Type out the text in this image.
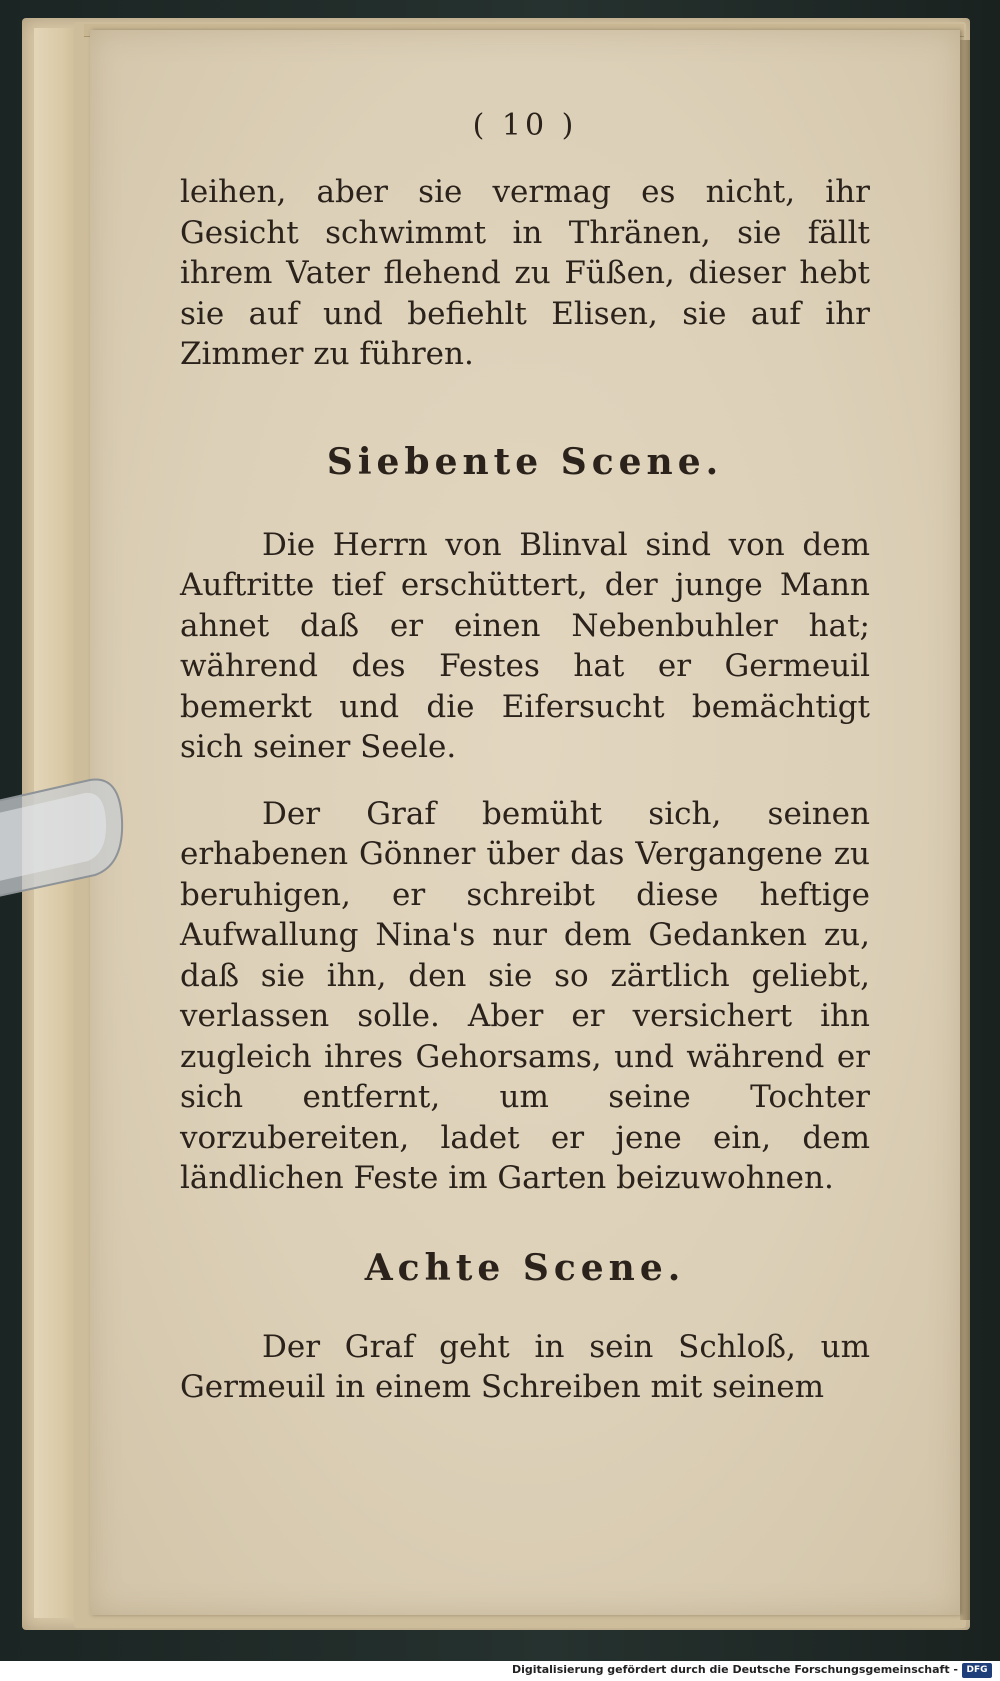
( 10 )

leihen, aber sie vermag es nicht, ihr Gesicht schwimmt in Thränen, sie fällt ihrem Vater flehend zu Füßen, dieser hebt sie auf und befiehlt Elisen, sie auf ihr Zimmer zu führen.

Siebente Scene.

Die Herrn von Blinval sind von dem Auftritte tief erschüttert, der junge Mann ahnet daß er einen Nebenbuhler hat; während des Festes hat er Germeuil bemerkt und die Eifersucht bemächtigt sich seiner Seele.

Der Graf bemüht sich, seinen erhabenen Gönner über das Vergangene zu beruhigen, er schreibt diese heftige Aufwallung Nina's nur dem Gedanken zu, daß sie ihn, den sie so zärtlich geliebt, verlassen solle. Aber er versichert ihn zugleich ihres Gehorsams, und während er sich entfernt, um seine Tochter vorzubereiten, ladet er jene ein, dem ländlichen Feste im Garten beizuwohnen.

Achte Scene.

Der Graf geht in sein Schloß, um Germeuil in einem Schreiben mit seinem

Digitalisierung gefördert durch die Deutsche Forschungsgemeinschaft - DFG
